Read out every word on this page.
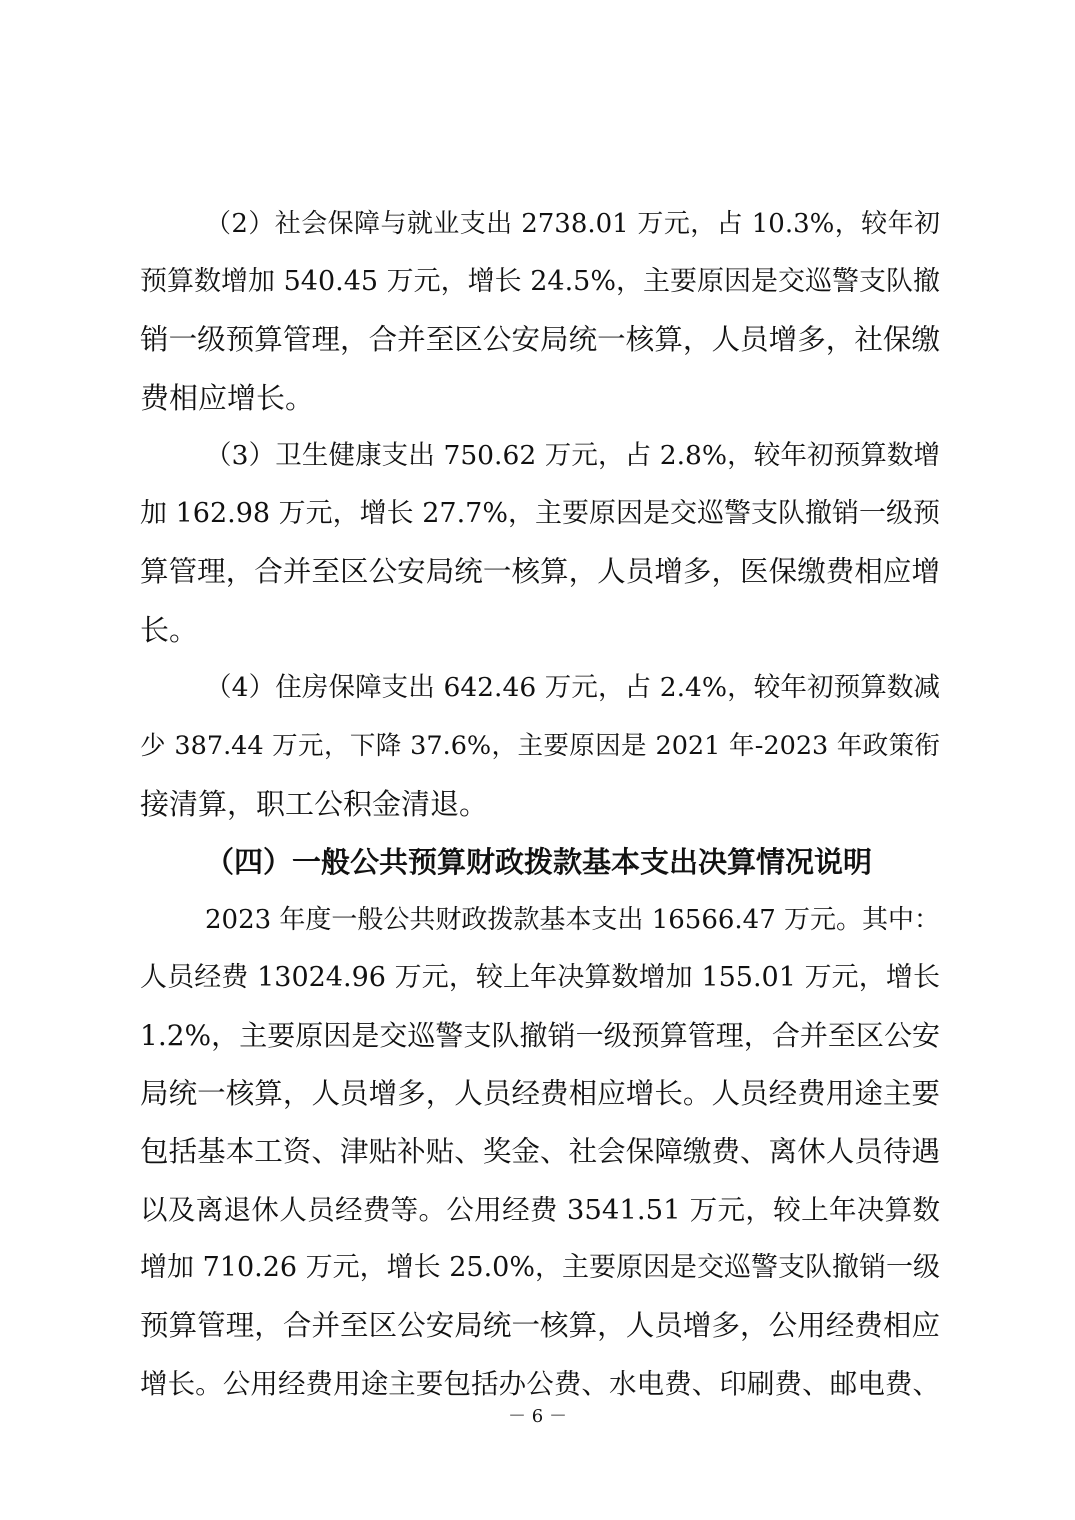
（2）社会保障与就业支出 2738.01 万元，占 10.3%，较年初
预算数增加 540.45 万元，增长 24.5%，主要原因是交巡警支队撤
销一级预算管理，合并至区公安局统一核算，人员增多，社保缴
费相应增长。
（3）卫生健康支出 750.62 万元，占 2.8%，较年初预算数增
加 162.98 万元，增长 27.7%，主要原因是交巡警支队撤销一级预
算管理，合并至区公安局统一核算，人员增多，医保缴费相应增
长。
（4）住房保障支出 642.46 万元，占 2.4%，较年初预算数减
少 387.44 万元，下降 37.6%，主要原因是 2021 年-2023 年政策衔
接清算，职工公积金清退。
（四）一般公共预算财政拨款基本支出决算情况说明
2023 年度一般公共财政拨款基本支出 16566.47 万元。其中：
人员经费 13024.96 万元，较上年决算数增加 155.01 万元，增长
1.2%，主要原因是交巡警支队撤销一级预算管理，合并至区公安
局统一核算，人员增多，人员经费相应增长。人员经费用途主要
包括基本工资、津贴补贴、奖金、社会保障缴费、离休人员待遇
以及离退休人员经费等。公用经费 3541.51 万元，较上年决算数
增加 710.26 万元，增长 25.0%，主要原因是交巡警支队撤销一级
预算管理，合并至区公安局统一核算，人员增多，公用经费相应
增长。公用经费用途主要包括办公费、水电费、印刷费、邮电费、
－ 6 －
